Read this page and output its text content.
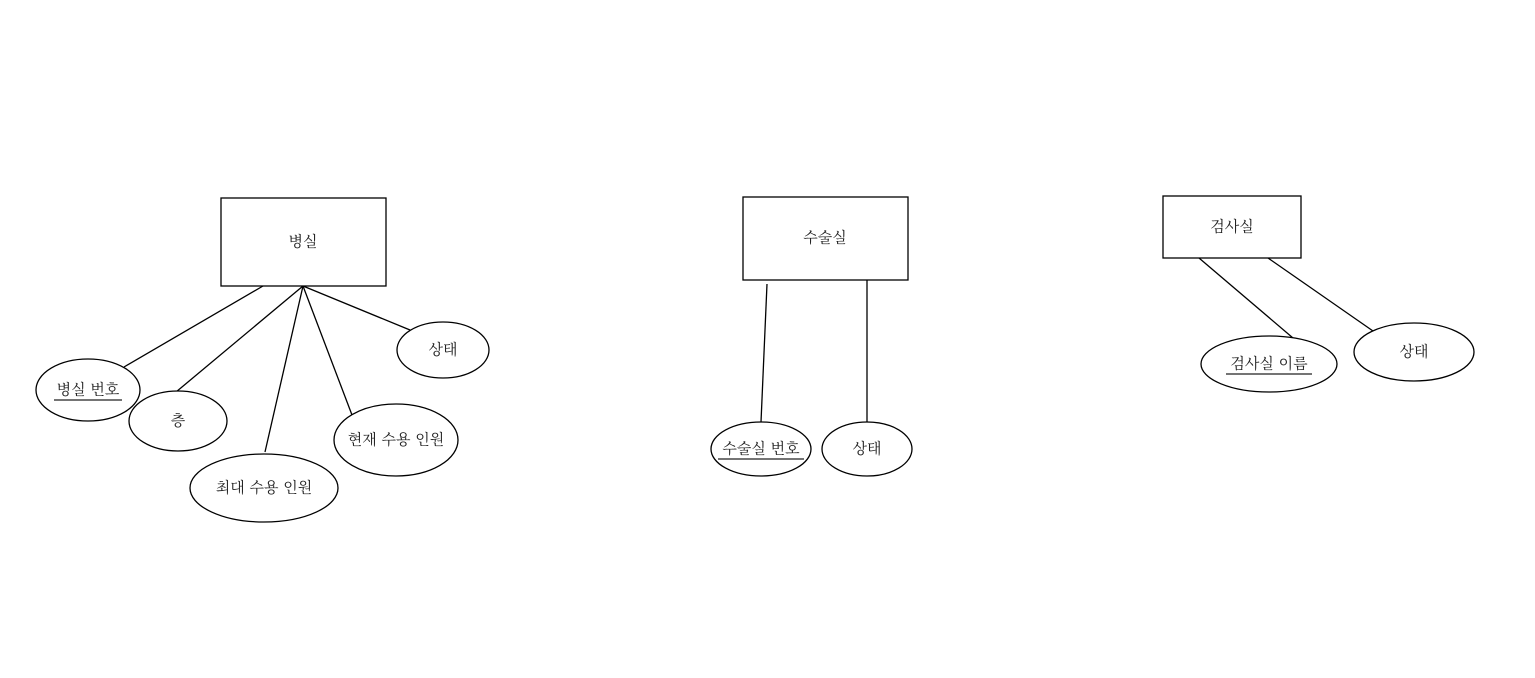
병실
병실 번호
층
최대 수용 인원
현재 수용 인원
상태
수술실
수술실 번호	상태
검사실
검사실 이름
상태
